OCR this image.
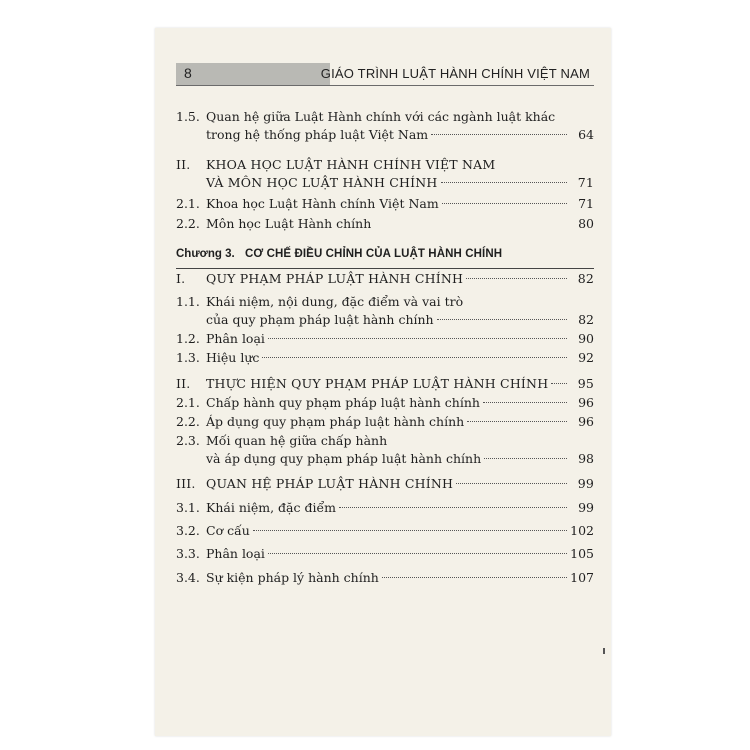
8	GIÁO TRÌNH LUẬT HÀNH CHÍNH VIỆT NAM
1.5. Quan hệ giữa Luật Hành chính với các ngành luật khác
trong hệ thống pháp luật Việt Nam	64
II. KHOA HỌC LUẬT HÀNH CHÍNH VIỆT NAM
VÀ MÔN HỌC LUẬT HÀNH CHÍNH	71
2.1. Khoa học Luật Hành chính Việt Nam	71
2.2. Môn học Luật Hành chính	80
Chương 3. CƠ CHẾ ĐIỀU CHỈNH CỦA LUẬT HÀNH CHÍNH
I. QUY PHẠM PHÁP LUẬT HÀNH CHÍNH	82
1.1. Khái niệm, nội dung, đặc điểm và vai trò
của quy phạm pháp luật hành chính	82
1.2. Phân loại	90
1.3. Hiệu lực	92
II. THỰC HIỆN QUY PHẠM PHÁP LUẬT HÀNH CHÍNH	95
2.1. Chấp hành quy phạm pháp luật hành chính	96
2.2. Áp dụng quy phạm pháp luật hành chính	96
2.3. Mối quan hệ giữa chấp hành
và áp dụng quy phạm pháp luật hành chính	98
III. QUAN HỆ PHÁP LUẬT HÀNH CHÍNH	99
3.1. Khái niệm, đặc điểm	99
3.2. Cơ cấu	102
3.3. Phân loại	105
3.4. Sự kiện pháp lý hành chính	107
